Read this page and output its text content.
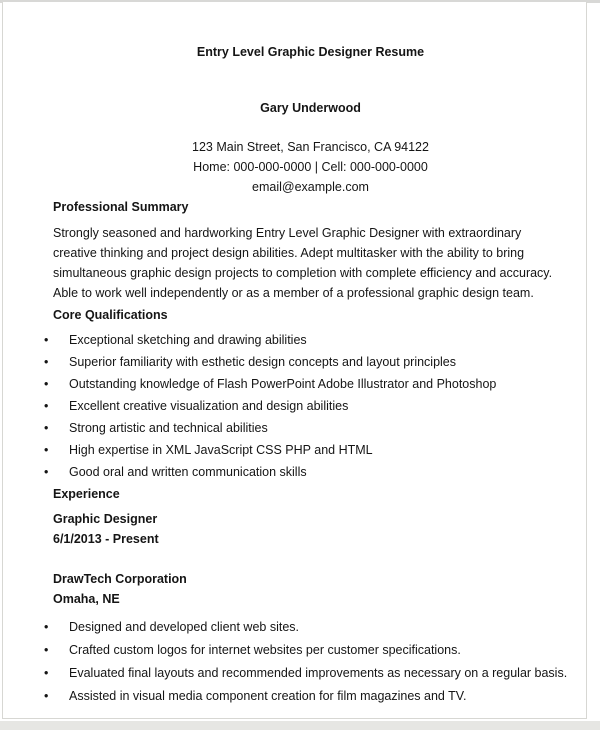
Entry Level Graphic Designer Resume
Gary Underwood

123 Main Street, San Francisco, CA 94122

Home: 000-000-0000 | Cell: 000-000-0000

email@example.com

Professional Summary

Strongly seasoned and hardworking Entry Level Graphic Designer with extraordinary creative thinking and project design abilities. Adept multitasker with the ability to bring simultaneous graphic design projects to completion with complete efficiency and accuracy. Able to work well independently or as a member of a professional graphic design team.

Core Qualifications
• Exceptional sketching and drawing abilities
• Superior familiarity with esthetic design concepts and layout principles
• Outstanding knowledge of Flash PowerPoint Adobe Illustrator and Photoshop
• Excellent creative visualization and design abilities
• Strong artistic and technical abilities
• High expertise in XML JavaScript CSS PHP and HTML
• Good oral and written communication skills
Experience

Graphic Designer

6/1/2013 - Present

DrawTech Corporation

Omaha, NE

• Designed and developed client web sites.
• Crafted custom logos for internet websites per customer specifications.
• Evaluated final layouts and recommended improvements as necessary on a regular basis.
• Assisted in visual media component creation for film magazines and TV.
